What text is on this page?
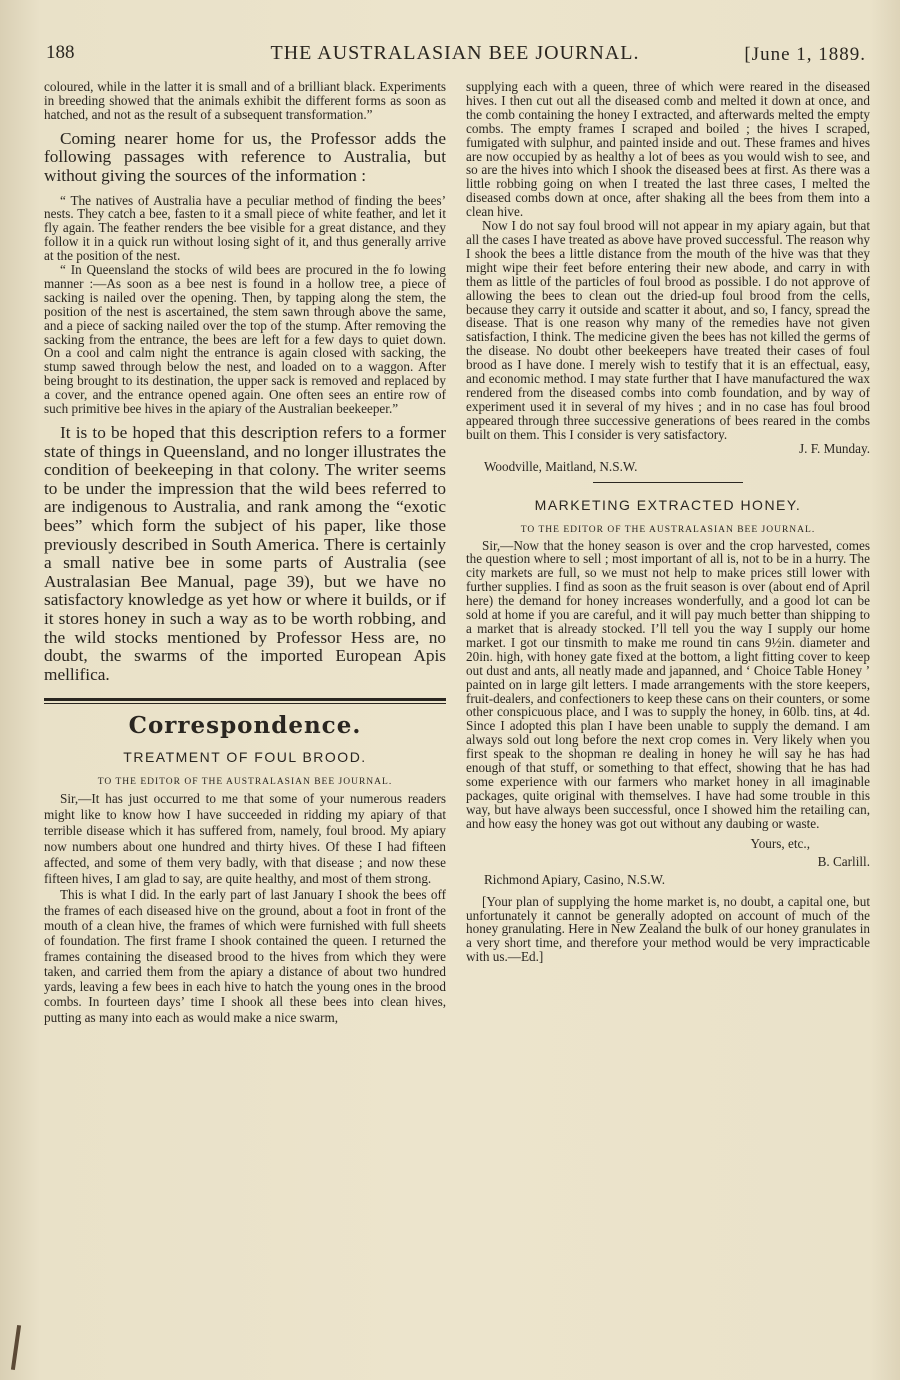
188	THE AUSTRALASIAN BEE JOURNAL.	[June 1, 1889.

coloured, while in the latter it is small and of a brilliant black. Experiments in breeding showed that the animals exhibit the different forms as soon as hatched, and not as the result of a subsequent transformation.”

Coming nearer home for us, the Professor adds the following passages with reference to Australia, but without giving the sources of the information :

“ The natives of Australia have a peculiar method of finding the bees’ nests. They catch a bee, fasten to it a small piece of white feather, and let it fly again. The feather renders the bee visible for a great distance, and they follow it in a quick run without losing sight of it, and thus generally arrive at the position of the nest.

“ In Queensland the stocks of wild bees are procured in the fo lowing manner :—As soon as a bee nest is found in a hollow tree, a piece of sacking is nailed over the opening. Then, by tapping along the stem, the position of the nest is ascertained, the stem sawn through above the same, and a piece of sacking nailed over the top of the stump. After removing the sacking from the entrance, the bees are left for a few days to quiet down. On a cool and calm night the entrance is again closed with sacking, the stump sawed through below the nest, and loaded on to a waggon. After being brought to its destination, the upper sack is removed and replaced by a cover, and the entrance opened again. One often sees an entire row of such primitive bee hives in the apiary of the Australian beekeeper.”

It is to be hoped that this description refers to a former state of things in Queensland, and no longer illustrates the condition of beekeeping in that colony. The writer seems to be under the impression that the wild bees referred to are indigenous to Australia, and rank among the “exotic bees” which form the subject of his paper, like those previously described in South America. There is certainly a small native bee in some parts of Australia (see Australasian Bee Manual, page 39), but we have no satisfactory knowledge as yet how or where it builds, or if it stores honey in such a way as to be worth robbing, and the wild stocks mentioned by Professor Hess are, no doubt, the swarms of the imported European Apis mellifica.

Correspondence.
TREATMENT OF FOUL BROOD.
TO THE EDITOR OF THE AUSTRALASIAN BEE JOURNAL.

Sir,—It has just occurred to me that some of your numerous readers might like to know how I have succeeded in ridding my apiary of that terrible disease which it has suffered from, namely, foul brood. My apiary now numbers about one hundred and thirty hives. Of these I had fifteen affected, and some of them very badly, with that disease ; and now these fifteen hives, I am glad to say, are quite healthy, and most of them strong.

This is what I did. In the early part of last January I shook the bees off the frames of each diseased hive on the ground, about a foot in front of the mouth of a clean hive, the frames of which were furnished with full sheets of foundation. The first frame I shook contained the queen. I returned the frames containing the diseased brood to the hives from which they were taken, and carried them from the apiary a distance of about two hundred yards, leaving a few bees in each hive to hatch the young ones in the brood combs. In fourteen days’ time I shook all these bees into clean hives, putting as many into each as would make a nice swarm,

supplying each with a queen, three of which were reared in the diseased hives. I then cut out all the diseased comb and melted it down at once, and the comb containing the honey I extracted, and afterwards melted the empty combs. The empty frames I scraped and boiled ; the hives I scraped, fumigated with sulphur, and painted inside and out. These frames and hives are now occupied by as healthy a lot of bees as you would wish to see, and so are the hives into which I shook the diseased bees at first. As there was a little robbing going on when I treated the last three cases, I melted the diseased combs down at once, after shaking all the bees from them into a clean hive.

Now I do not say foul brood will not appear in my apiary again, but that all the cases I have treated as above have proved successful. The reason why I shook the bees a little distance from the mouth of the hive was that they might wipe their feet before entering their new abode, and carry in with them as little of the particles of foul brood as possible. I do not approve of allowing the bees to clean out the dried-up foul brood from the cells, because they carry it outside and scatter it about, and so, I fancy, spread the disease. That is one reason why many of the remedies have not given satisfaction, I think. The medicine given the bees has not killed the germs of the disease. No doubt other beekeepers have treated their cases of foul brood as I have done. I merely wish to testify that it is an effectual, easy, and economic method. I may state further that I have manufactured the wax rendered from the diseased combs into comb foundation, and by way of experiment used it in several of my hives ; and in no case has foul brood appeared through three successive generations of bees reared in the combs built on them. This I consider is very satisfactory.

J. F. Munday.
Woodville, Maitland, N.S.W.
MARKETING EXTRACTED HONEY.
TO THE EDITOR OF THE AUSTRALASIAN BEE JOURNAL.

Sir,—Now that the honey season is over and the crop harvested, comes the question where to sell ; most important of all is, not to be in a hurry. The city markets are full, so we must not help to make prices still lower with further supplies. I find as soon as the fruit season is over (about end of April here) the demand for honey increases wonderfully, and a good lot can be sold at home if you are careful, and it will pay much better than shipping to a market that is already stocked. I’ll tell you the way I supply our home market. I got our tinsmith to make me round tin cans 9½in. diameter and 20in. high, with honey gate fixed at the bottom, a light fitting cover to keep out dust and ants, all neatly made and japanned, and ‘ Choice Table Honey ’ painted on in large gilt letters. I made arrangements with the store keepers, fruit-dealers, and confectioners to keep these cans on their counters, or some other conspicuous place, and I was to supply the honey, in 60lb. tins, at 4d. Since I adopted this plan I have been unable to supply the demand. I am always sold out long before the next crop comes in. Very likely when you first speak to the shopman re dealing in honey he will say he has had enough of that stuff, or something to that effect, showing that he has had some experience with our farmers who market honey in all imaginable packages, quite original with themselves. I have had some trouble in this way, but have always been successful, once I showed him the retailing can, and how easy the honey was got out without any daubing or waste.

Yours, etc.,
B. Carlill.
Richmond Apiary, Casino, N.S.W.

[Your plan of supplying the home market is, no doubt, a capital one, but unfortunately it cannot be generally adopted on account of much of the honey granulating. Here in New Zealand the bulk of our honey granulates in a very short time, and therefore your method would be very impracticable with us.—Ed.]
